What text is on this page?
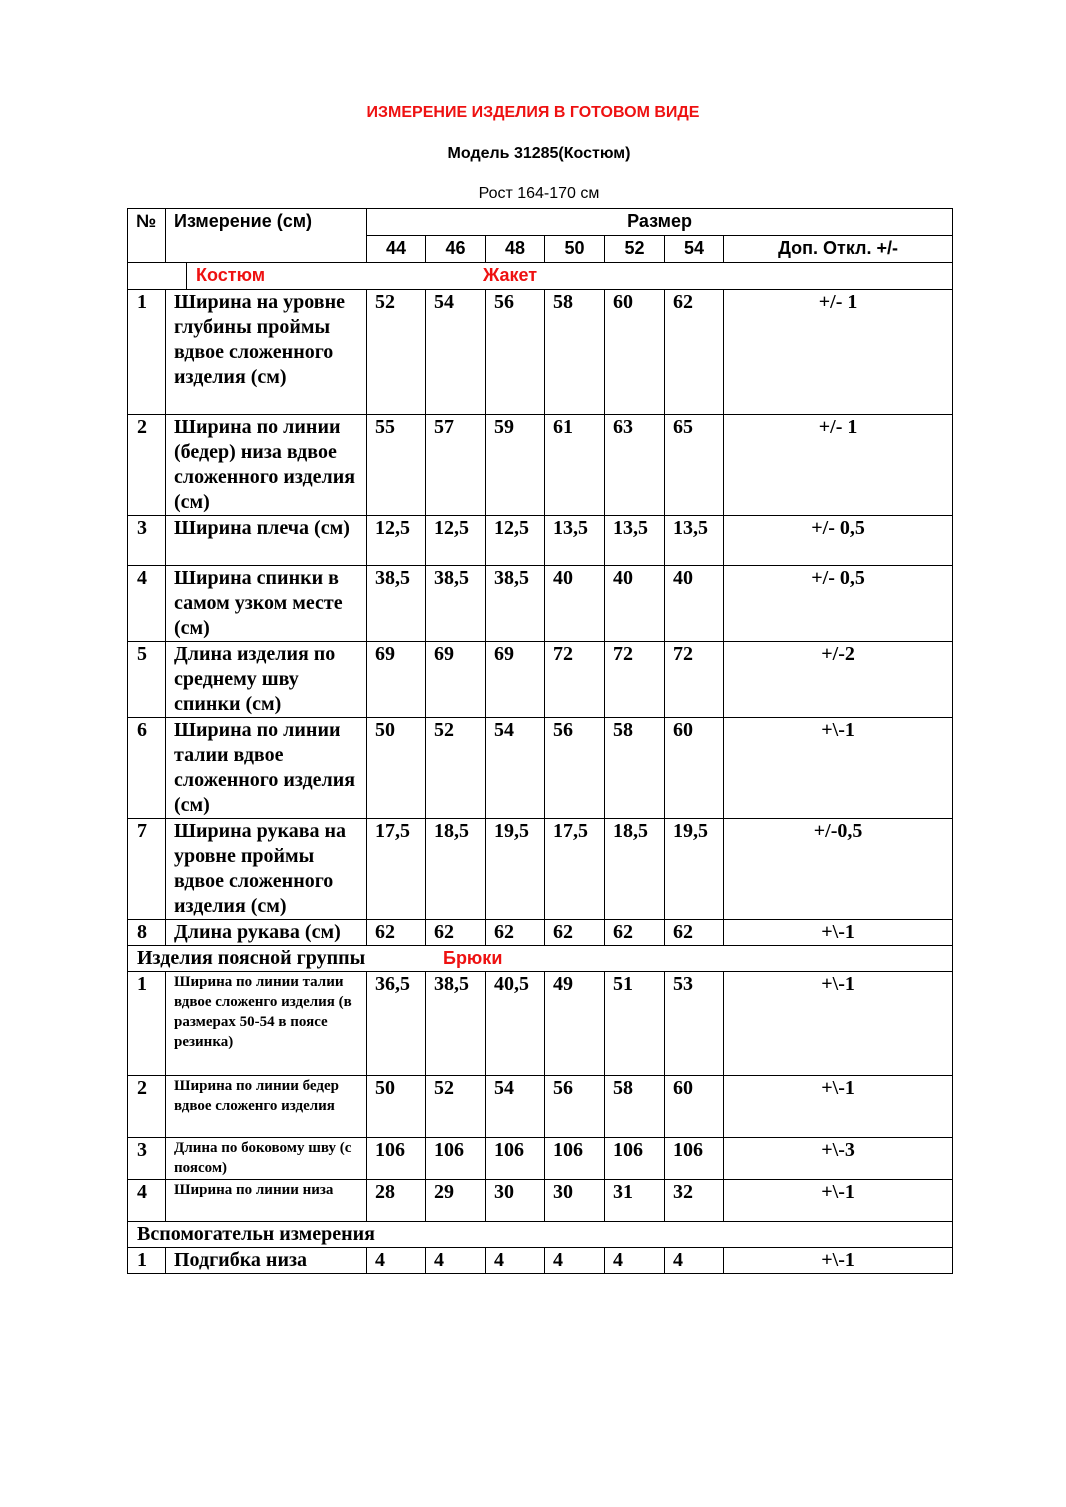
ИЗМЕРЕНИЕ ИЗДЕЛИЯ В ГОТОВОМ ВИДЕ
Модель 31285(Костюм)
Рост 164-170 см
№	Измерение (см)	Размер						
		44	46	48	50	52	54	Доп. Откл. +/-

Костюм Жакет								

1	Ширина на уровне глубины проймы вдвое сложенного изделия (см)	52	54	56	58	60	62	+/- 1
2	Ширина по линии (бедер) низа вдвое сложенного изделия (см)	55	57	59	61	63	65	+/- 1
3	Ширина плеча (см)	12,5	12,5	12,5	13,5	13,5	13,5	+/- 0,5
4	Ширина спинки в самом узком месте (см)	38,5	38,5	38,5	40	40	40	+/- 0,5
5	Длина изделия по среднему шву спинки (см)	69	69	69	72	72	72	+/-2
6	Ширина по линии талии вдвое сложенного изделия (см)	50	52	54	56	58	60	+\-1
7	Ширина рукава на уровне проймы вдвое сложенного изделия (см)	17,5	18,5	19,5	17,5	18,5	19,5	+/-0,5
8	Длина рукава (см)	62	62	62	62	62	62	+\-1
Изделия поясной группы Брюки								

1	Ширина по линии талии вдвое сложенго изделия (в размерах 50-54 в поясе резинка)	36,5	38,5	40,5	49	51	53	+\-1
2	Ширина по линии бедер вдвое сложенго изделия	50	52	54	56	58	60	+\-1
3	Длина по боковому шву (с поясом)	106	106	106	106	106	106	+\-3
4	Ширина по линии низа	28	29	30	30	31	32	+\-1
Вспомогательн измерения								
1	Подгибка низа	4	4	4	4	4	4	+\-1
